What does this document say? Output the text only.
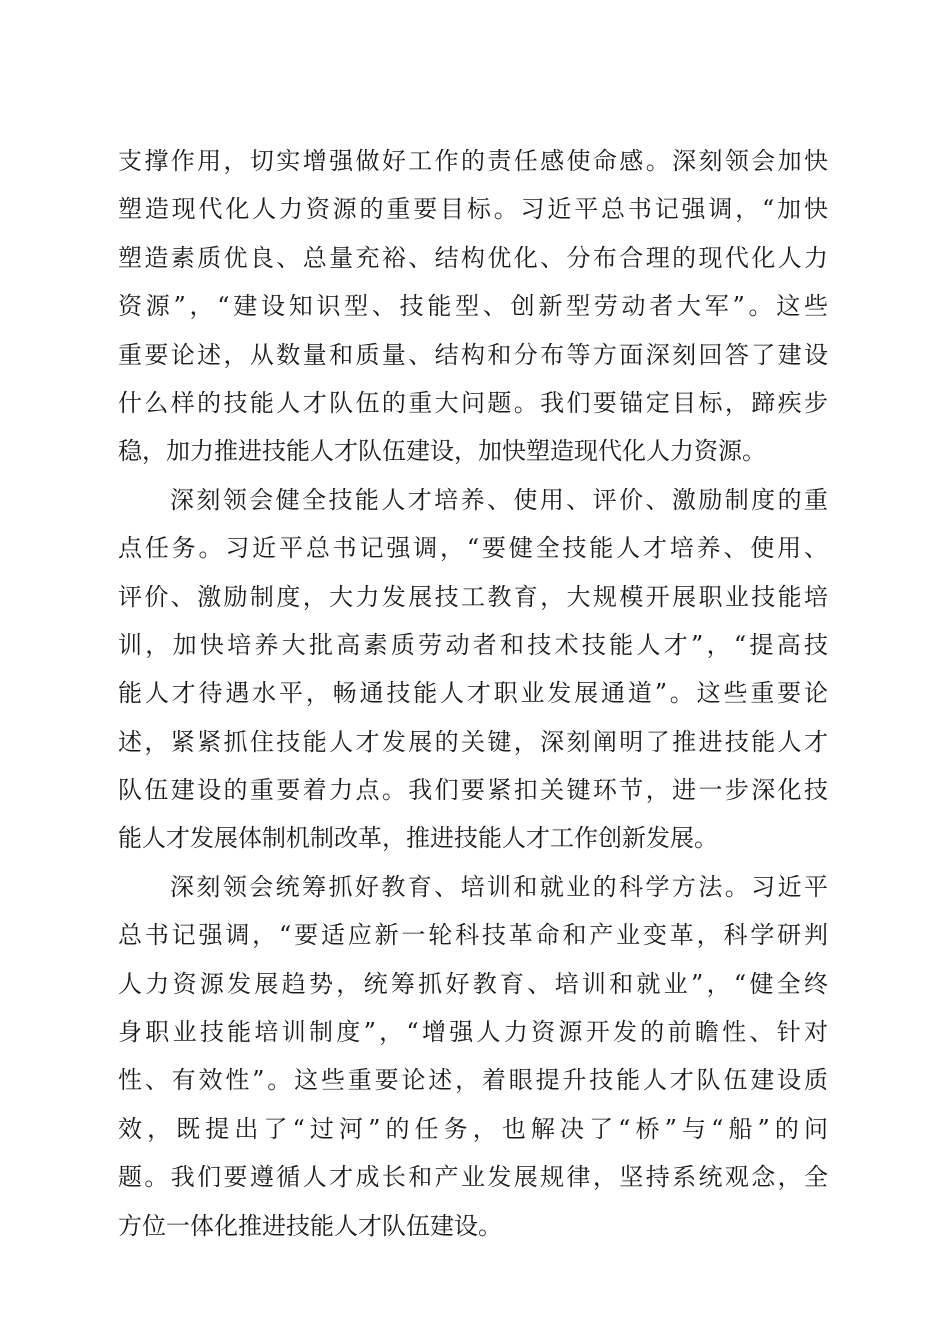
支撑作用，切实增强做好工作的责任感使命感。深刻领会加快
塑造现代化人力资源的重要目标。习近平总书记强调，“加快
塑造素质优良、总量充裕、结构优化、分布合理的现代化人力
资源”，“建设知识型、技能型、创新型劳动者大军”。这些
重要论述，从数量和质量、结构和分布等方面深刻回答了建设
什么样的技能人才队伍的重大问题。我们要锚定目标，蹄疾步
稳，加力推进技能人才队伍建设，加快塑造现代化人力资源。
深刻领会健全技能人才培养、使用、评价、激励制度的重
点任务。习近平总书记强调，“要健全技能人才培养、使用、
评价、激励制度，大力发展技工教育，大规模开展职业技能培
训，加快培养大批高素质劳动者和技术技能人才”，“提高技
能人才待遇水平，畅通技能人才职业发展通道”。这些重要论
述，紧紧抓住技能人才发展的关键，深刻阐明了推进技能人才
队伍建设的重要着力点。我们要紧扣关键环节，进一步深化技
能人才发展体制机制改革，推进技能人才工作创新发展。
深刻领会统筹抓好教育、培训和就业的科学方法。习近平
总书记强调，“要适应新一轮科技革命和产业变革，科学研判
人力资源发展趋势，统筹抓好教育、培训和就业”，“健全终
身职业技能培训制度”，“增强人力资源开发的前瞻性、针对
性、有效性”。这些重要论述，着眼提升技能人才队伍建设质
效，既提出了“过河”的任务，也解决了“桥”与“船”的问
题。我们要遵循人才成长和产业发展规律，坚持系统观念，全
方位一体化推进技能人才队伍建设。
